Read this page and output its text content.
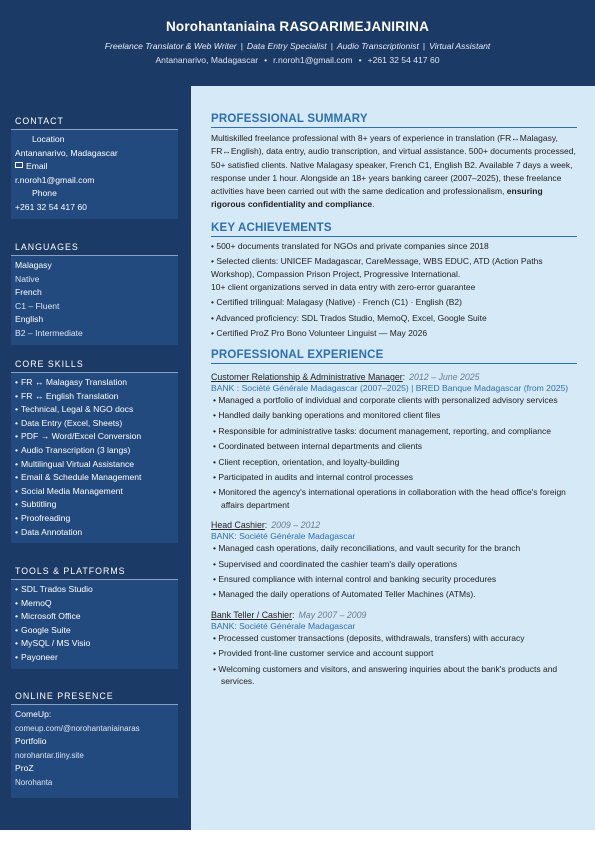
Norohantaniaina RASOARIMEJANIRINA
Freelance Translator & Web Writer | Data Entry Specialist | Audio Transcriptionist | Virtual Assistant
Antananarivo, Madagascar • r.noroh1@gmail.com • +261 32 54 417 60
CONTACT
Location
Antananarivo, Madagascar
Email
r.noroh1@gmail.com
Phone
+261 32 54 417 60
LANGUAGES
Malagasy
Native
French
C1 – Fluent
English
B2 – Intermediate
CORE SKILLS
• FR ↔ Malagasy Translation
• FR ↔ English Translation
• Technical, Legal & NGO docs
• Data Entry (Excel, Sheets)
• PDF → Word/Excel Conversion
• Audio Transcription (3 langs)
• Multilingual Virtual Assistance
• Email & Schedule Management
• Social Media Management
• Subtitling
• Proofreading
• Data Annotation
TOOLS & PLATFORMS
• SDL Trados Studio
• MemoQ
• Microsoft Office
• Google Suite
• MySQL / MS Visio
• Payoneer
ONLINE PRESENCE
ComeUp:
comeup.com/@norohantaniainaras
Portfolio
norohantar.tiiny.site
ProZ
Norohanta
PROFESSIONAL SUMMARY
Multiskilled freelance professional with 8+ years of experience in translation (FR↔Malagasy, FR↔English), data entry, audio transcription, and virtual assistance. 500+ documents processed, 50+ satisfied clients. Native Malagasy speaker, French C1, English B2. Available 7 days a week, response under 1 hour. Alongside an 18+ years banking career (2007–2025), these freelance activities have been carried out with the same dedication and professionalism, ensuring rigorous confidentiality and compliance.
KEY ACHIEVEMENTS
• 500+ documents translated for NGOs and private companies since 2018
• Selected clients: UNICEF Madagascar, CareMessage, WBS EDUC, ATD (Action Paths Workshop), Compassion Prison Project, Progressive International.
10+ client organizations served in data entry with zero-error guarantee
• Certified trilingual: Malagasy (Native) · French (C1) · English (B2)
• Advanced proficiency: SDL Trados Studio, MemoQ, Excel, Google Suite
• Certified ProZ Pro Bono Volunteer Linguist — May 2026
PROFESSIONAL EXPERIENCE
Customer Relationship & Administrative Manager: 2012 – June 2025
BANK : Société Générale Madagascar (2007–2025) | BRED Banque Madagascar (from 2025)
• Managed a portfolio of individual and corporate clients with personalized advisory services
• Handled daily banking operations and monitored client files
• Responsible for administrative tasks: document management, reporting, and compliance
• Coordinated between internal departments and clients
• Client reception, orientation, and loyalty-building
• Participated in audits and internal control processes
• Monitored the agency's international operations in collaboration with the head office's foreign affairs department
Head Cashier: 2009 – 2012
BANK: Société Générale Madagascar
• Managed cash operations, daily reconciliations, and vault security for the branch
• Supervised and coordinated the cashier team's daily operations
• Ensured compliance with internal control and banking security procedures
• Managed the daily operations of Automated Teller Machines (ATMs).
Bank Teller / Cashier: May 2007 – 2009
BANK: Société Générale Madagascar
• Processed customer transactions (deposits, withdrawals, transfers) with accuracy
• Provided front-line customer service and account support
• Welcoming customers and visitors, and answering inquiries about the bank's products and services.
